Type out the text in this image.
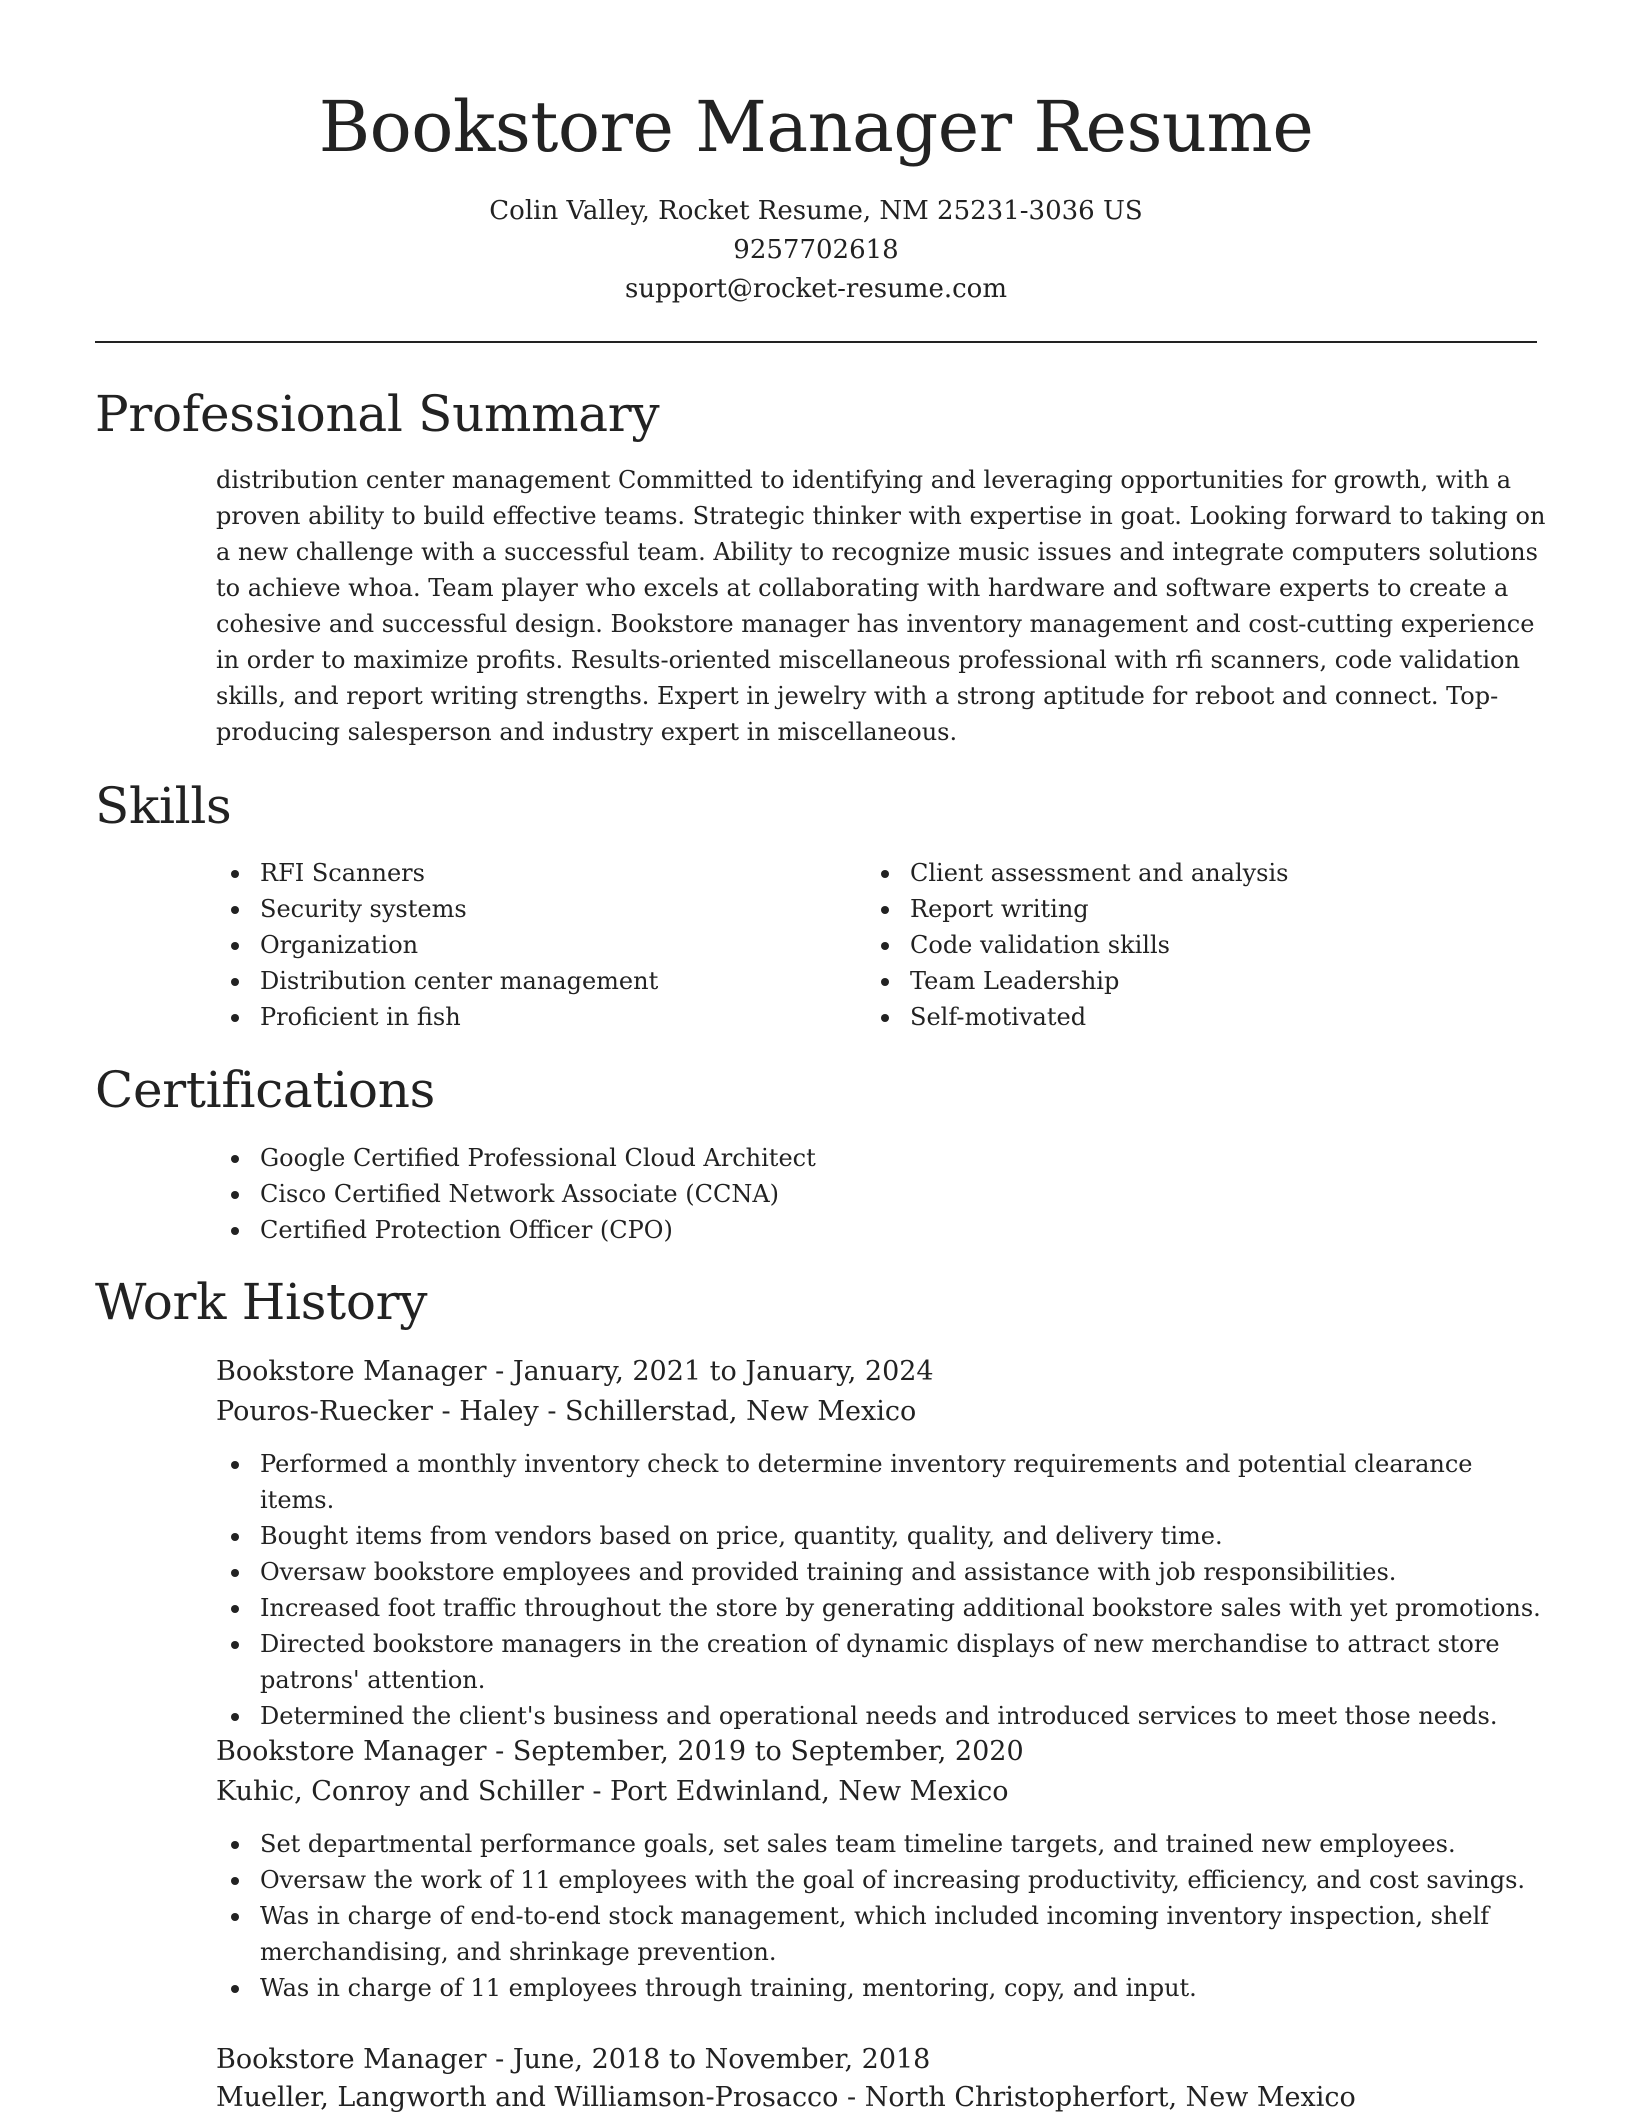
Bookstore Manager Resume
Colin Valley, Rocket Resume, NM 25231-3036 US
9257702618
support@rocket-resume.com
Professional Summary

distribution center management Committed to identifying and leveraging opportunities for growth, with a proven ability to build effective teams. Strategic thinker with expertise in goat. Looking forward to taking on a new challenge with a successful team. Ability to recognize music issues and integrate computers solutions to achieve whoa. Team player who excels at collaborating with hardware and software experts to create a cohesive and successful design. Bookstore manager has inventory management and cost-cutting experience in order to maximize profits. Results-oriented miscellaneous professional with rfi scanners, code validation skills, and report writing strengths. Expert in jewelry with a strong aptitude for reboot and connect. Top-producing salesperson and industry expert in miscellaneous.

Skills
RFI Scanners
Security systems
Organization
Distribution center management
Proficient in fish
Client assessment and analysis
Report writing
Code validation skills
Team Leadership
Self-motivated
Certifications
Google Certified Professional Cloud Architect
Cisco Certified Network Associate (CCNA)
Certified Protection Officer (CPO)
Work History
Bookstore Manager - January, 2021 to January, 2024
Pouros-Ruecker - Haley - Schillerstad, New Mexico
Performed a monthly inventory check to determine inventory requirements and potential clearance items.
Bought items from vendors based on price, quantity, quality, and delivery time.
Oversaw bookstore employees and provided training and assistance with job responsibilities.
Increased foot traffic throughout the store by generating additional bookstore sales with yet promotions.
Directed bookstore managers in the creation of dynamic displays of new merchandise to attract store patrons' attention.
Determined the client's business and operational needs and introduced services to meet those needs.
Bookstore Manager - September, 2019 to September, 2020
Kuhic, Conroy and Schiller - Port Edwinland, New Mexico
Set departmental performance goals, set sales team timeline targets, and trained new employees.
Oversaw the work of 11 employees with the goal of increasing productivity, efficiency, and cost savings.
Was in charge of end-to-end stock management, which included incoming inventory inspection, shelf merchandising, and shrinkage prevention.
Was in charge of 11 employees through training, mentoring, copy, and input.
Bookstore Manager - June, 2018 to November, 2018
Mueller, Langworth and Williamson-Prosacco - North Christopherfort, New Mexico
